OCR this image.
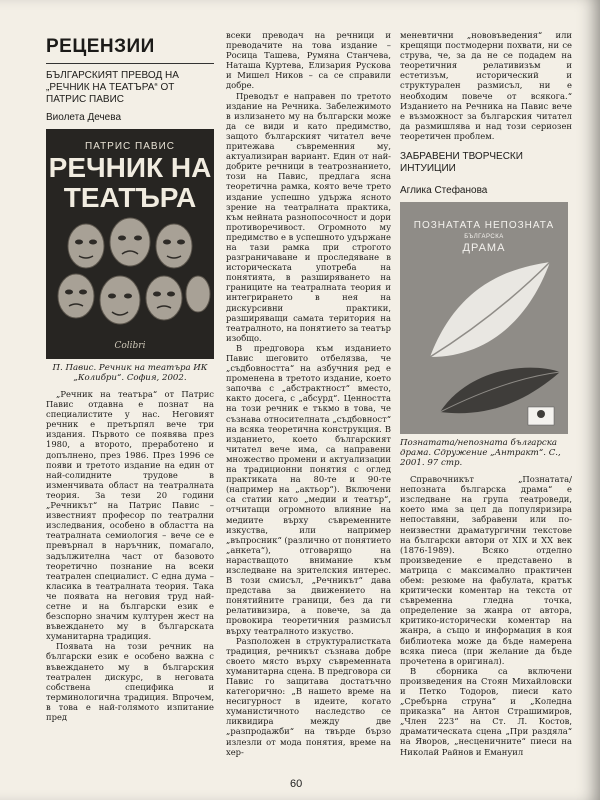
РЕЦЕНЗИИ
БЪЛГАРСКИЯТ ПРЕВОД НА „РЕЧНИК НА ТЕАТЪРА“ ОТ ПАТРИС ПАВИС
Виолета Дечева
ПАТРИС ПАВИС
РЕЧНИК НА
ТЕАТЪРА
Colibri
П. Павис. Речник на театъра ИК „Колибри“. София, 2002.

„Речник на театъра“ от Патрис Павис отдавна е познат на специалистите у нас. Неговият речник е претърпял вече три издания. Първото се появява през 1980, а второто, преработено и допълнено, през 1986. През 1996 се появи и третото издание на един от най-солидните трудове в изменчивата област на театралната теория. За тези 20 години „Речникът“ на Патрис Павис – известният професор по театрални изследвания, особено в областта на театралната семиология – вече се е превърнал в наръчник, помагало, задължителна част от базовото теоретично познание на всеки театрален специалист. С една думa – класика в театралната теория. Така че появата на неговия труд най-сетне и на български език е безспорно значим културен жест на въвеждането му в българската хуманитарна традиция.

Появата на този речник на български език е особено важна с въвеждането му в българския театрален дискурс, в неговата собствена специфика и терминологична традиция. Впрочем, в това е най-голямото изпитание пред

всеки преводач на речници и преводачите на това издание – Росица Ташева, Румяна Станчева, Наташа Куртева, Елизария Рускова и Мишел Ников – са се справили добре.

Преводът е направен по третото издание на Речника. Забележимото в излизането му на български може да се види и като предимство, защото българският читател вече притежава съвременния му, актуализиран вариант. Един от най-добрите речници в театрознанието, този на Павис, предлага ясна теоретична рамка, която вече трето издание успешно удържа ясното зрение на театралната практика, към нейната разнопосочност и дори противоречивост. Огромното му предимство е в успешното удържане на тази рамка при строгото разграничаване и проследяване в историческата употреба на понятията, в разширяването на границите на театралната теория и интегрирането в нея на дискурсивни практики, разширяващи самата територия на театралното, на понятието за театър изобщо.

В предговора към изданието Павис шеговито отбелязва, че „съдбовността“ на азбучния ред е променена в третото издание, което започва с „абстрактност“ вместо, както досега, с „абсурд“. Ценността на този речник е тъкмо в това, че съзнава относителната „съдбовност“ на всяка теоретична конструкция. В изданието, което българският читател вече има, са направени множество промени и актуализации на традиционни понятия с оглед практиката на 80-те и 90-те (например на „актьор“). Включени са статии като „медии и театър“, отчитащи огромното влияние на медиите върху съвременните изкуства, или например „въпросник“ (различно от понятието „анкета“), отговарящо на нарастващото внимание към изследване на зрителския интерес. В този смисъл, „Речникът“ дава представа за движението на понятийните граници, без да ги релативизира, а повече, за да провокира теоретичния размисъл върху театралното изкуство.

Разположен в структуралистката традиция, речникът съзнава добре своето място върху съвременната хуманитарна сцена. В предговора си Павис го защитава достатъчно категорично: „В нашето време на несигурност в идеите, когато хуманистичното наследство се ликвидира между две „разпродажби“ на твърде бързо излезли от мода понятия, време на хер-

меневтични „нововъведения“ или крещящи постмодерни похвати, ни се струва, че, за да не се подадем на теоретичния релативизъм и естетизъм, исторический и структурален размисъл, ни е необходим повече от всякога.“ Изданието на Речника на Павис вече е възможност за българския читател да размишлява и над този сериозен теоретичен проблем.

ЗАБРАВЕНИ ТВОРЧЕСКИ ИНТУИЦИИ
Аглика Стефанова
ПОЗНАТАТА НЕПОЗНАТА
БЪЛГАРСКА
ДРАМА
Познатата/непозната българска драма. Сдружение „Антракт“. С., 2001. 97 стр.

Справочникът „Познатата/непозната българска драма“ е изследване на група театроведи, което има за цел да популяризира непоставяни, забравени или по-неизвестни драматургични текстове на български автори от XIX и XX век (1876-1989). Всяко отделно произведение е представено в матрица с максимално практичен обем: резюме на фабулата, кратък критически коментар на текста от съвременна гледна точка, определение за жанра от автора, критико-исторически коментар на жанра, а също и информация в коя библиотека може да бъде намерена всяка пиеса (при желание да бъде прочетена в оригинал).

В сборника са включени произведения на Стоян Михайловски и Петко Тодоров, пиеси като „Сребърна струна“ и „Коледна приказка“ на Антон Страшимиров, „Член 223“ на Ст. Л. Костов, драматическата сцена „При раздяла“ на Яворов, „несценичните“ пиеси на Николай Райнов и Емануил

60
